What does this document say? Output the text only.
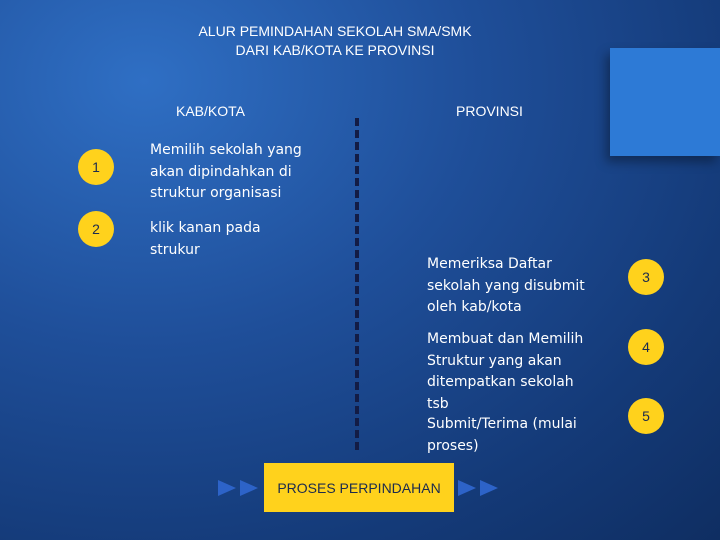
ALUR PEMINDAHAN SEKOLAH SMA/SMK
DARI KAB/KOTA KE PROVINSI
KAB/KOTA	PROVINSI
1
Memilih sekolah yang
akan dipindahkan di
struktur organisasi
2	klik kanan pada
strukur
Memeriksa Daftar
sekolah yang disubmit
oleh kab/kota
3
Membuat dan Memilih
Struktur yang akan
ditempatkan sekolah
tsb
4
Submit/Terima (mulai
proses)
5
PROSES PERPINDAHAN
